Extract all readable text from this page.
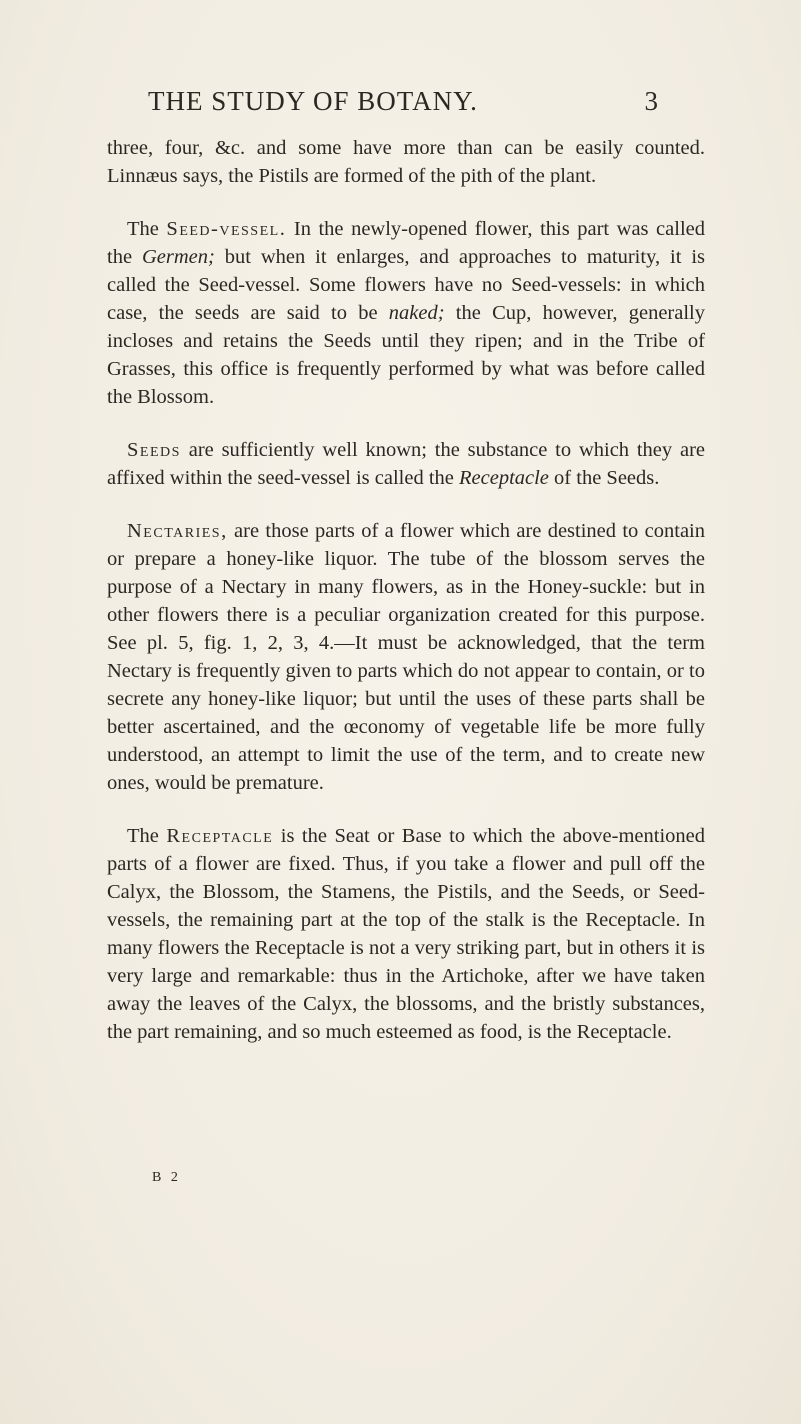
THE STUDY OF BOTANY.	3

three, four, &c. and some have more than can be easily counted. Linnæus says, the Pistils are formed of the pith of the plant.

The Seed-vessel. In the newly-opened flower, this part was called the Germen; but when it enlarges, and approaches to maturity, it is called the Seed-vessel. Some flowers have no Seed-vessels: in which case, the seeds are said to be naked; the Cup, however, generally incloses and retains the Seeds until they ripen; and in the Tribe of Grasses, this office is frequently performed by what was before called the Blossom.

Seeds are sufficiently well known; the substance to which they are affixed within the seed-vessel is called the Receptacle of the Seeds.

Nectaries, are those parts of a flower which are destined to contain or prepare a honey-like liquor. The tube of the blossom serves the purpose of a Nectary in many flowers, as in the Honey-suckle: but in other flowers there is a peculiar organization created for this purpose. See pl. 5, fig. 1, 2, 3, 4.—It must be acknowledged, that the term Nectary is frequently given to parts which do not appear to contain, or to secrete any honey-like liquor; but until the uses of these parts shall be better ascertained, and the œconomy of vegetable life be more fully understood, an attempt to limit the use of the term, and to create new ones, would be premature.

The Receptacle is the Seat or Base to which the above-mentioned parts of a flower are fixed. Thus, if you take a flower and pull off the Calyx, the Blossom, the Stamens, the Pistils, and the Seeds, or Seed-vessels, the remaining part at the top of the stalk is the Receptacle. In many flowers the Receptacle is not a very striking part, but in others it is very large and remarkable: thus in the Artichoke, after we have taken away the leaves of the Calyx, the blossoms, and the bristly substances, the part remaining, and so much esteemed as food, is the Receptacle.

B 2
